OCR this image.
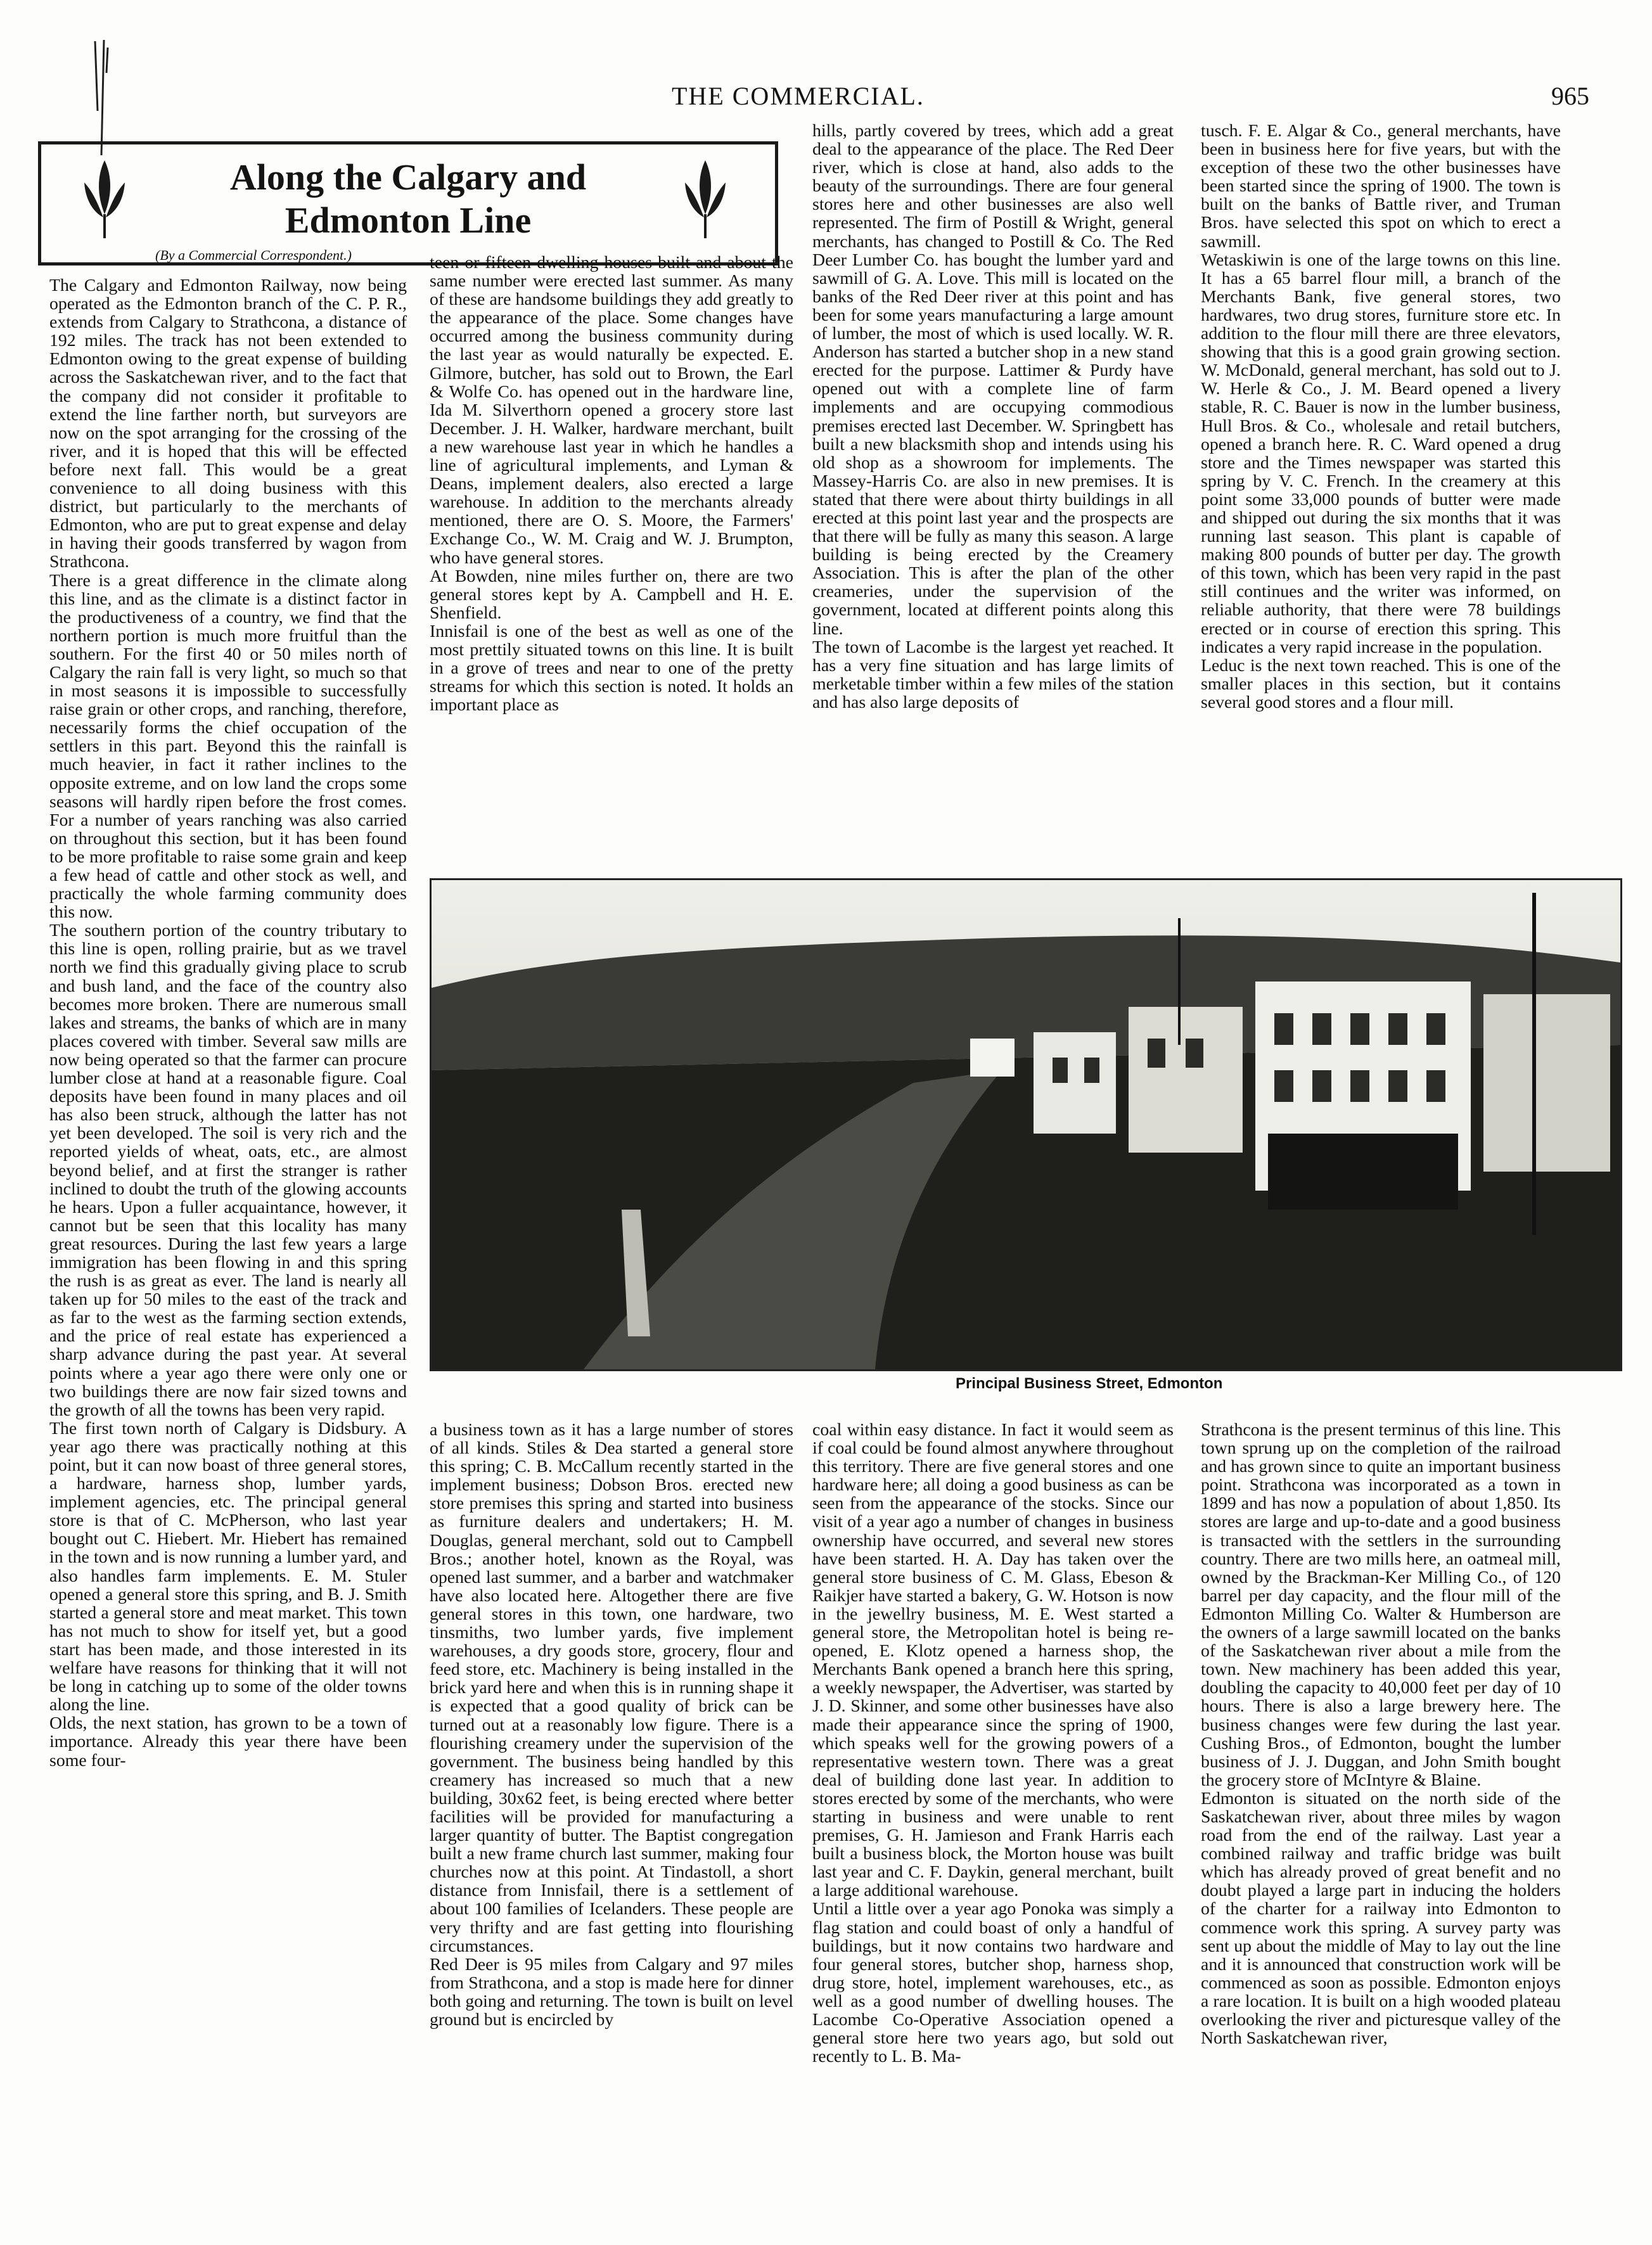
THE COMMERCIAL.	965
Along the Calgary and Edmonton Line
(By a Commercial Correspondent.)
The Calgary and Edmonton Railway, now being operated as the Edmonton branch of the C. P. R., extends from Calgary to Strathcona, a distance of 192 miles. The track has not been extended to Edmonton owing to the great expense of building across the Saskatchewan river, and to the fact that the company did not consider it profitable to extend the line farther north, but surveyors are now on the spot arranging for the crossing of the river, and it is hoped that this will be effected before next fall. This would be a great convenience to all doing business with this district, but particularly to the merchants of Edmonton, who are put to great expense and delay in having their goods transferred by wagon from Strathcona.
There is a great difference in the climate along this line, and as the climate is a distinct factor in the productiveness of a country, we find that the northern portion is much more fruitful than the southern. For the first 40 or 50 miles north of Calgary the rain fall is very light, so much so that in most seasons it is impossible to successfully raise grain or other crops, and ranching, therefore, necessarily forms the chief occupation of the settlers in this part. Beyond this the rainfall is much heavier, in fact it rather inclines to the opposite extreme, and on low land the crops some seasons will hardly ripen before the frost comes. For a number of years ranching was also carried on throughout this section, but it has been found to be more profitable to raise some grain and keep a few head of cattle and other stock as well, and practically the whole farming community does this now.
The southern portion of the country tributary to this line is open, rolling prairie, but as we travel north we find this gradually giving place to scrub and bush land, and the face of the country also becomes more broken. There are numerous small lakes and streams, the banks of which are in many places covered with timber. Several saw mills are now being operated so that the farmer can procure lumber close at hand at a reasonable figure. Coal deposits have been found in many places and oil has also been struck, although the latter has not yet been developed. The soil is very rich and the reported yields of wheat, oats, etc., are almost beyond belief, and at first the stranger is rather inclined to doubt the truth of the glowing accounts he hears. Upon a fuller acquaintance, however, it cannot but be seen that this locality has many great resources. During the last few years a large immigration has been flowing in and this spring the rush is as great as ever. The land is nearly all taken up for 50 miles to the east of the track and as far to the west as the farming section extends, and the price of real estate has experienced a sharp advance during the past year. At several points where a year ago there were only one or two buildings there are now fair sized towns and the growth of all the towns has been very rapid.
The first town north of Calgary is Didsbury. A year ago there was practically nothing at this point, but it can now boast of three general stores, a hardware, harness shop, lumber yards, implement agencies, etc. The principal general store is that of C. McPherson, who last year bought out C. Hiebert. Mr. Hiebert has remained in the town and is now running a lumber yard, and also handles farm implements. E. M. Stuler opened a general store this spring, and B. J. Smith started a general store and meat market. This town has not much to show for itself yet, but a good start has been made, and those interested in its welfare have reasons for thinking that it will not be long in catching up to some of the older towns along the line.
Olds, the next station, has grown to be a town of importance. Already this year there have been some four-
teen or fifteen dwelling houses built and about the same number were erected last summer. As many of these are handsome buildings they add greatly to the appearance of the place. Some changes have occurred among the business community during the last year as would naturally be expected. E. Gilmore, butcher, has sold out to Brown, the Earl & Wolfe Co. has opened out in the hardware line, Ida M. Silverthorn opened a grocery store last December. J. H. Walker, hardware merchant, built a new warehouse last year in which he handles a line of agricultural implements, and Lyman & Deans, implement dealers, also erected a large warehouse. In addition to the merchants already mentioned, there are O. S. Moore, the Farmers' Exchange Co., W. M. Craig and W. J. Brumpton, who have general stores.
At Bowden, nine miles further on, there are two general stores kept by A. Campbell and H. E. Shenfield.
Innisfail is one of the best as well as one of the most prettily situated towns on this line. It is built in a grove of trees and near to one of the pretty streams for which this section is noted. It holds an important place as
hills, partly covered by trees, which add a great deal to the appearance of the place. The Red Deer river, which is close at hand, also adds to the beauty of the surroundings. There are four general stores here and other businesses are also well represented. The firm of Postill & Wright, general merchants, has changed to Postill & Co. The Red Deer Lumber Co. has bought the lumber yard and sawmill of G. A. Love. This mill is located on the banks of the Red Deer river at this point and has been for some years manufacturing a large amount of lumber, the most of which is used locally. W. R. Anderson has started a butcher shop in a new stand erected for the purpose. Lattimer & Purdy have opened out with a complete line of farm implements and are occupying commodious premises erected last December. W. Springbett has built a new blacksmith shop and intends using his old shop as a showroom for implements. The Massey-Harris Co. are also in new premises. It is stated that there were about thirty buildings in all erected at this point last year and the prospects are that there will be fully as many this season. A large building is being erected by the Creamery Association. This is after the plan of the other creameries, under the supervision of the government, located at different points along this line.
The town of Lacombe is the largest yet reached. It has a very fine situation and has large limits of merketable timber within a few miles of the station and has also large deposits of
tusch. F. E. Algar & Co., general merchants, have been in business here for five years, but with the exception of these two the other businesses have been started since the spring of 1900. The town is built on the banks of Battle river, and Truman Bros. have selected this spot on which to erect a sawmill.
Wetaskiwin is one of the large towns on this line. It has a 65 barrel flour mill, a branch of the Merchants Bank, five general stores, two hardwares, two drug stores, furniture store etc. In addition to the flour mill there are three elevators, showing that this is a good grain growing section. W. McDonald, general merchant, has sold out to J. W. Herle & Co., J. M. Beard opened a livery stable, R. C. Bauer is now in the lumber business, Hull Bros. & Co., wholesale and retail butchers, opened a branch here. R. C. Ward opened a drug store and the Times newspaper was started this spring by V. C. French. In the creamery at this point some 33,000 pounds of butter were made and shipped out during the six months that it was running last season. This plant is capable of making 800 pounds of butter per day. The growth of this town, which has been very rapid in the past still continues and the writer was informed, on reliable authority, that there were 78 buildings erected or in course of erection this spring. This indicates a very rapid increase in the population.
Leduc is the next town reached. This is one of the smaller places in this section, but it contains several good stores and a flour mill.
Principal Business Street, Edmonton
a business town as it has a large number of stores of all kinds. Stiles & Dea started a general store this spring; C. B. McCallum recently started in the implement business; Dobson Bros. erected new store premises this spring and started into business as furniture dealers and undertakers; H. M. Douglas, general merchant, sold out to Campbell Bros.; another hotel, known as the Royal, was opened last summer, and a barber and watchmaker have also located here. Altogether there are five general stores in this town, one hardware, two tinsmiths, two lumber yards, five implement warehouses, a dry goods store, grocery, flour and feed store, etc. Machinery is being installed in the brick yard here and when this is in running shape it is expected that a good quality of brick can be turned out at a reasonably low figure. There is a flourishing creamery under the supervision of the government. The business being handled by this creamery has increased so much that a new building, 30x62 feet, is being erected where better facilities will be provided for manufacturing a larger quantity of butter. The Baptist congregation built a new frame church last summer, making four churches now at this point. At Tindastoll, a short distance from Innisfail, there is a settlement of about 100 families of Icelanders. These people are very thrifty and are fast getting into flourishing circumstances.
Red Deer is 95 miles from Calgary and 97 miles from Strathcona, and a stop is made here for dinner both going and returning. The town is built on level ground but is encircled by
coal within easy distance. In fact it would seem as if coal could be found almost anywhere throughout this territory. There are five general stores and one hardware here; all doing a good business as can be seen from the appearance of the stocks. Since our visit of a year ago a number of changes in business ownership have occurred, and several new stores have been started. H. A. Day has taken over the general store business of C. M. Glass, Ebeson & Raikjer have started a bakery, G. W. Hotson is now in the jewellry business, M. E. West started a general store, the Metropolitan hotel is being re-opened, E. Klotz opened a harness shop, the Merchants Bank opened a branch here this spring, a weekly newspaper, the Advertiser, was started by J. D. Skinner, and some other businesses have also made their appearance since the spring of 1900, which speaks well for the growing powers of a representative western town. There was a great deal of building done last year. In addition to stores erected by some of the merchants, who were starting in business and were unable to rent premises, G. H. Jamieson and Frank Harris each built a business block, the Morton house was built last year and C. F. Daykin, general merchant, built a large additional warehouse.
Until a little over a year ago Ponoka was simply a flag station and could boast of only a handful of buildings, but it now contains two hardware and four general stores, butcher shop, harness shop, drug store, hotel, implement warehouses, etc., as well as a good number of dwelling houses. The Lacombe Co-Operative Association opened a general store here two years ago, but sold out recently to L. B. Ma-
Strathcona is the present terminus of this line. This town sprung up on the completion of the railroad and has grown since to quite an important business point. Strathcona was incorporated as a town in 1899 and has now a population of about 1,850. Its stores are large and up-to-date and a good business is transacted with the settlers in the surrounding country. There are two mills here, an oatmeal mill, owned by the Brackman-Ker Milling Co., of 120 barrel per day capacity, and the flour mill of the Edmonton Milling Co. Walter & Humberson are the owners of a large sawmill located on the banks of the Saskatchewan river about a mile from the town. New machinery has been added this year, doubling the capacity to 40,000 feet per day of 10 hours. There is also a large brewery here. The business changes were few during the last year. Cushing Bros., of Edmonton, bought the lumber business of J. J. Duggan, and John Smith bought the grocery store of McIntyre & Blaine.
Edmonton is situated on the north side of the Saskatchewan river, about three miles by wagon road from the end of the railway. Last year a combined railway and traffic bridge was built which has already proved of great benefit and no doubt played a large part in inducing the holders of the charter for a railway into Edmonton to commence work this spring. A survey party was sent up about the middle of May to lay out the line and it is announced that construction work will be commenced as soon as possible. Edmonton enjoys a rare location. It is built on a high wooded plateau overlooking the river and picturesque valley of the North Saskatchewan river,
